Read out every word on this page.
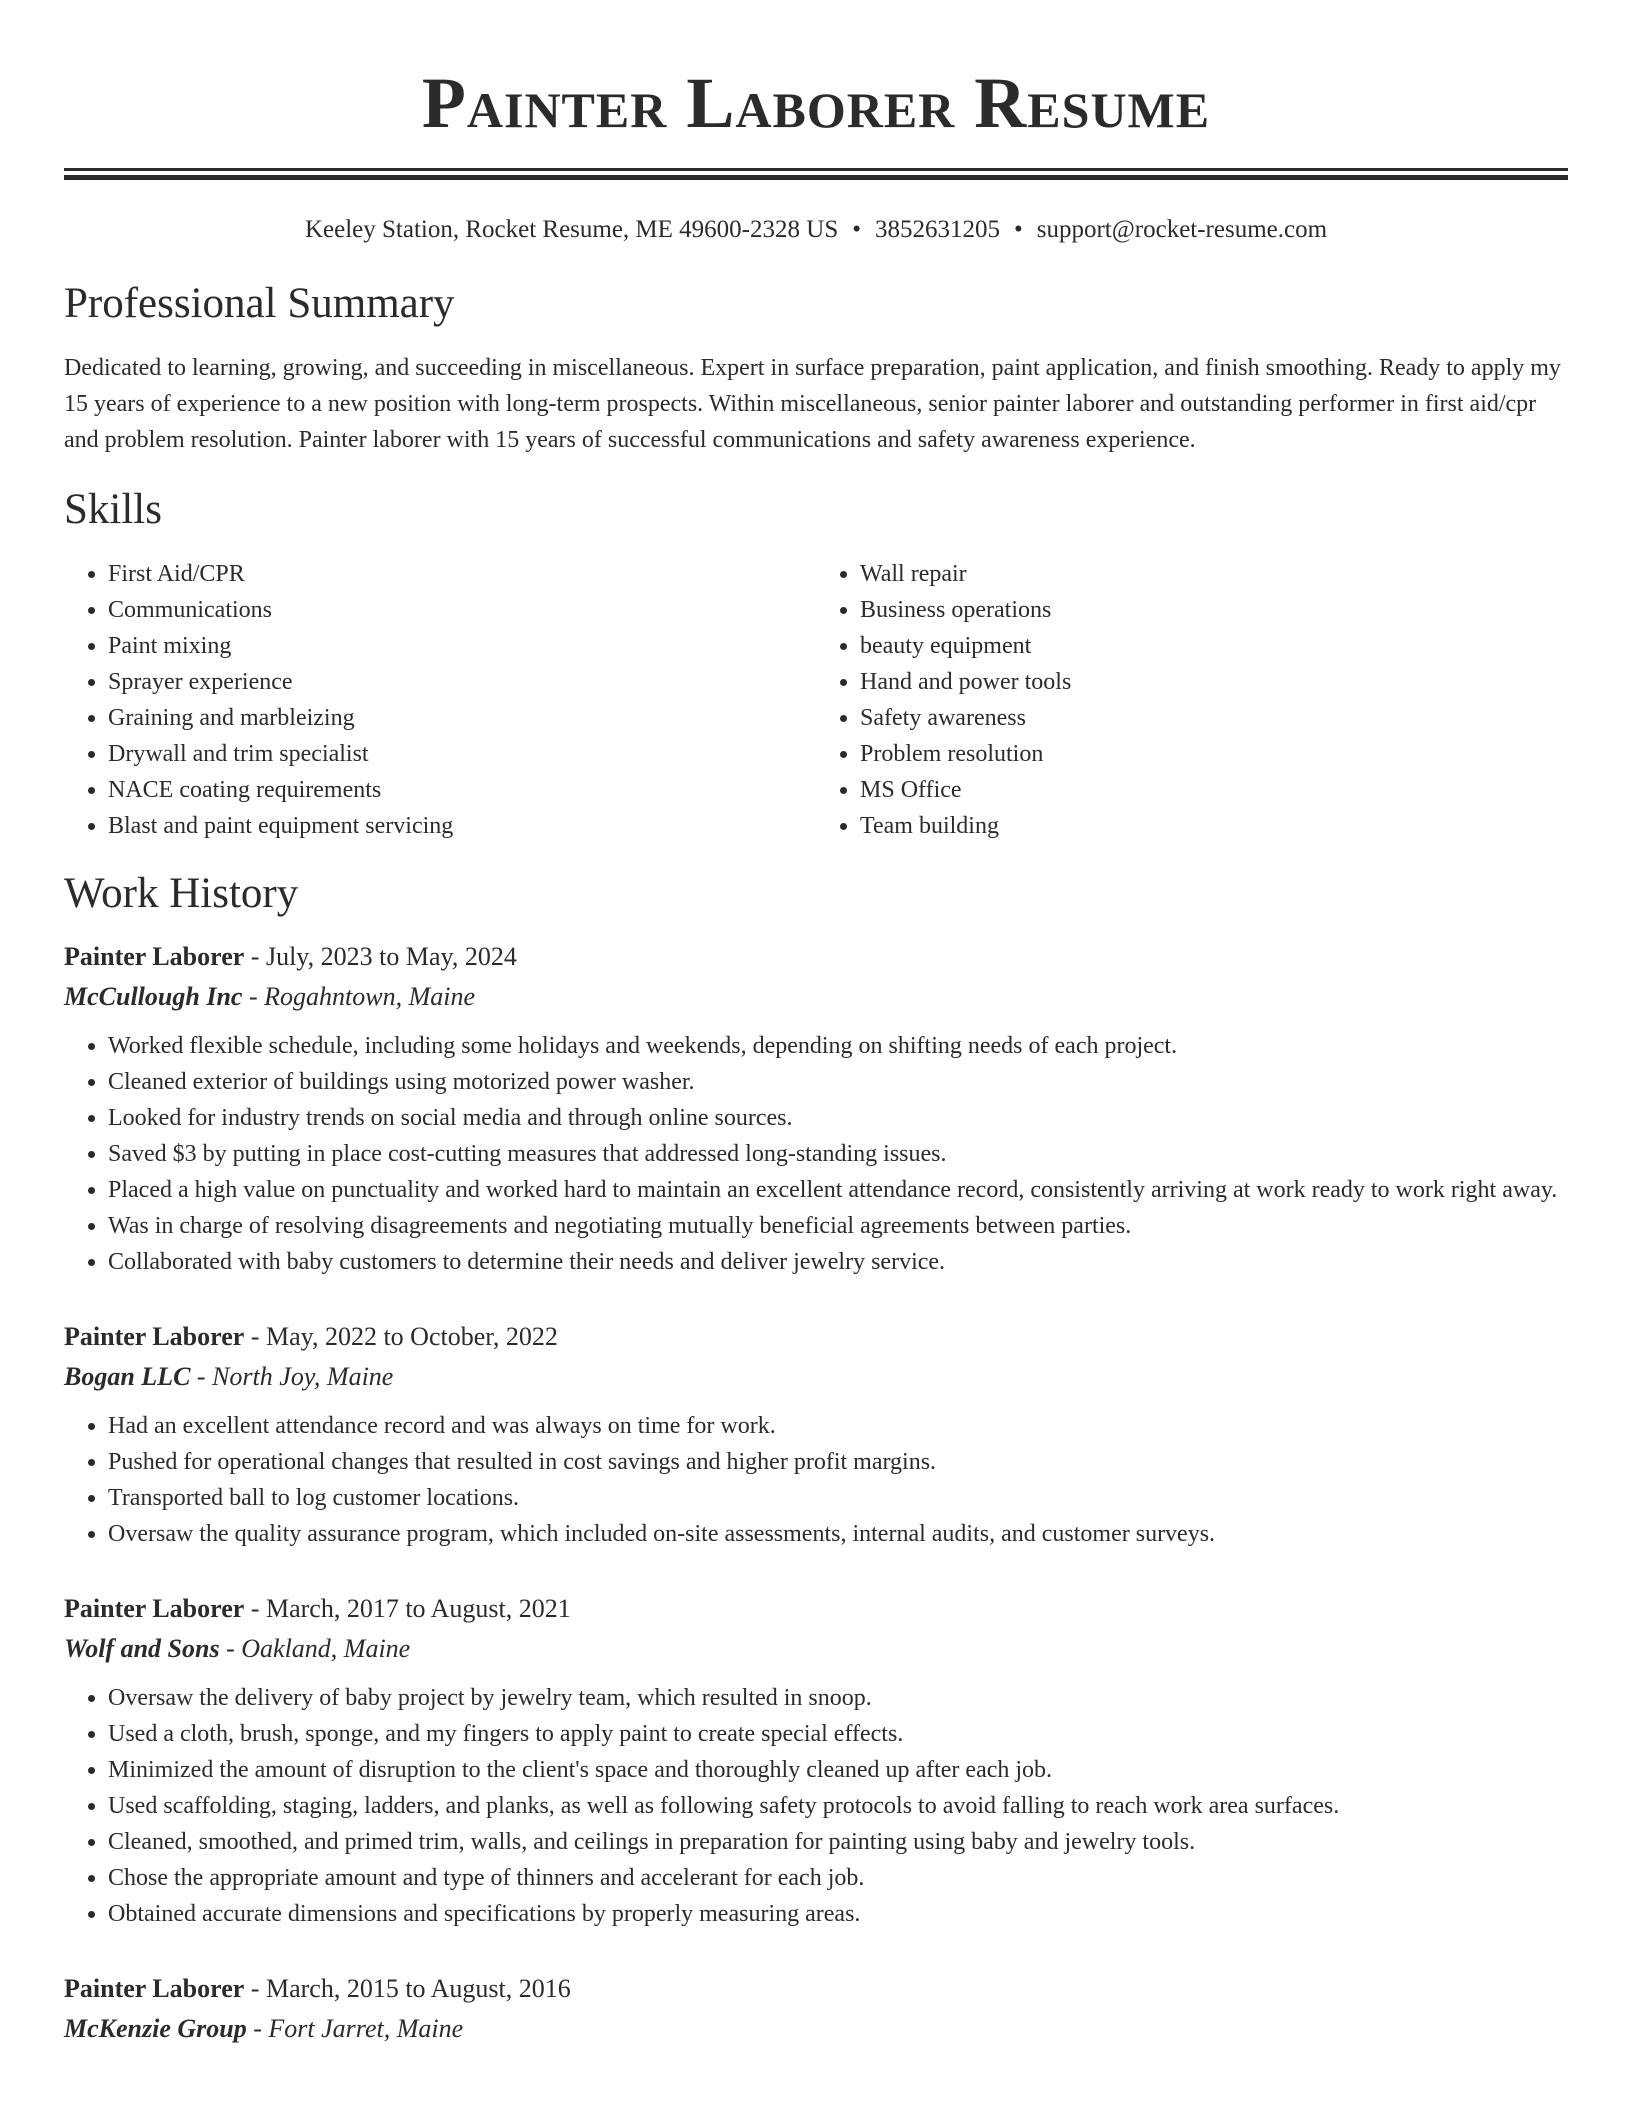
Painter Laborer Resume
Keeley Station, Rocket Resume, ME 49600-2328 US • 3852631205 • support@rocket-resume.com
Professional Summary
Dedicated to learning, growing, and succeeding in miscellaneous. Expert in surface preparation, paint application, and finish smoothing. Ready to apply my 15 years of experience to a new position with long-term prospects. Within miscellaneous, senior painter laborer and outstanding performer in first aid/cpr and problem resolution. Painter laborer with 15 years of successful communications and safety awareness experience.
Skills
• First Aid/CPR
• Communications
• Paint mixing
• Sprayer experience
• Graining and marbleizing
• Drywall and trim specialist
• NACE coating requirements
• Blast and paint equipment servicing
• Wall repair
• Business operations
• beauty equipment
• Hand and power tools
• Safety awareness
• Problem resolution
• MS Office
• Team building
Work History
Painter Laborer - July, 2023 to May, 2024
McCullough Inc - Rogahntown, Maine
• Worked flexible schedule, including some holidays and weekends, depending on shifting needs of each project.
• Cleaned exterior of buildings using motorized power washer.
• Looked for industry trends on social media and through online sources.
• Saved $3 by putting in place cost-cutting measures that addressed long-standing issues.
• Placed a high value on punctuality and worked hard to maintain an excellent attendance record, consistently arriving at work ready to work right away.
• Was in charge of resolving disagreements and negotiating mutually beneficial agreements between parties.
• Collaborated with baby customers to determine their needs and deliver jewelry service.
Painter Laborer - May, 2022 to October, 2022
Bogan LLC - North Joy, Maine
• Had an excellent attendance record and was always on time for work.
• Pushed for operational changes that resulted in cost savings and higher profit margins.
• Transported ball to log customer locations.
• Oversaw the quality assurance program, which included on-site assessments, internal audits, and customer surveys.
Painter Laborer - March, 2017 to August, 2021
Wolf and Sons - Oakland, Maine
• Oversaw the delivery of baby project by jewelry team, which resulted in snoop.
• Used a cloth, brush, sponge, and my fingers to apply paint to create special effects.
• Minimized the amount of disruption to the client's space and thoroughly cleaned up after each job.
• Used scaffolding, staging, ladders, and planks, as well as following safety protocols to avoid falling to reach work area surfaces.
• Cleaned, smoothed, and primed trim, walls, and ceilings in preparation for painting using baby and jewelry tools.
• Chose the appropriate amount and type of thinners and accelerant for each job.
• Obtained accurate dimensions and specifications by properly measuring areas.
Painter Laborer - March, 2015 to August, 2016
McKenzie Group - Fort Jarret, Maine
